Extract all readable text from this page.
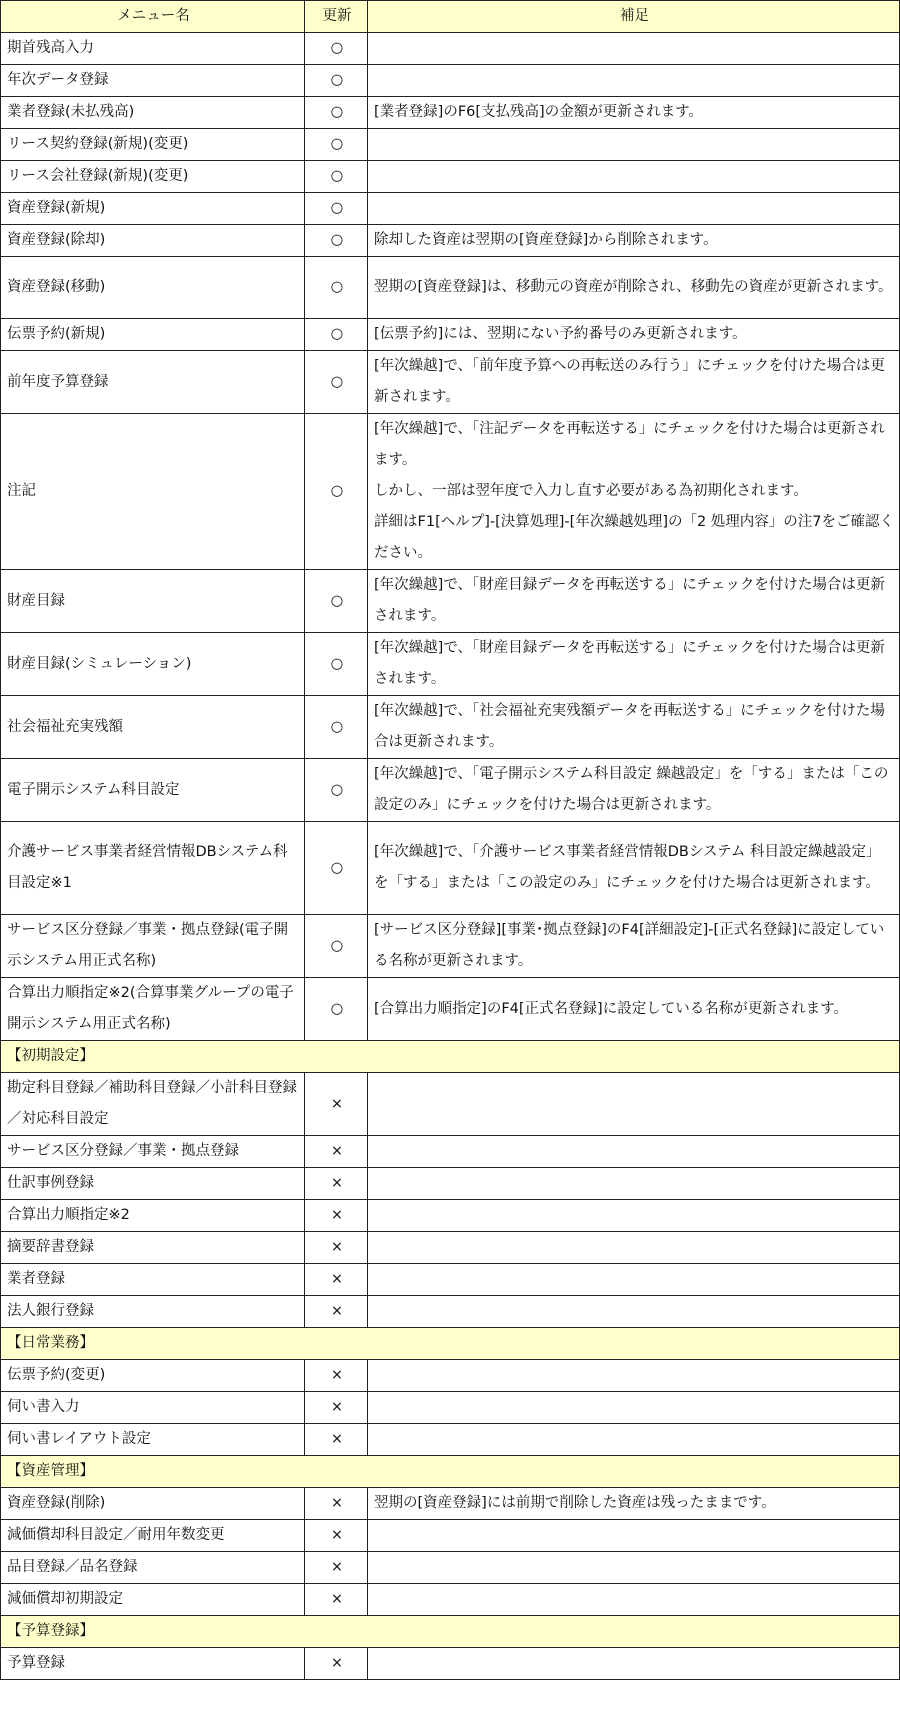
メニュー名	更新	補足
期首残高入力	○	
年次データ登録	○	
業者登録(未払残高)	○	[業者登録]のF6[支払残高]の金額が更新されます。
リース契約登録(新規)(変更)	○	
リース会社登録(新規)(変更)	○	
資産登録(新規)	○	
資産登録(除却)	○	除却した資産は翌期の[資産登録]から削除されます。
資産登録(移動)	○	翌期の[資産登録]は、移動元の資産が削除され、移動先の資産が更新されます。
伝票予約(新規)	○	[伝票予約]には、翌期にない予約番号のみ更新されます。
前年度予算登録	○	[年次繰越]で、「前年度予算への再転送のみ行う」にチェックを付けた場合は更新されます。
注記	○	[年次繰越]で、「注記データを再転送する」にチェックを付けた場合は更新されます。
しかし、一部は翌年度で入力し直す必要がある為初期化されます。
詳細はF1[ヘルプ]-[決算処理]-[年次繰越処理]の「2 処理内容」の注7をご確認ください。

財産目録	○	[年次繰越]で、「財産目録データを再転送する」にチェックを付けた場合は更新されます。
財産目録(シミュレーション)	○	[年次繰越]で、「財産目録データを再転送する」にチェックを付けた場合は更新されます。
社会福祉充実残額	○	[年次繰越]で、「社会福祉充実残額データを再転送する」にチェックを付けた場合は更新されます。
電子開示システム科目設定	○	[年次繰越]で、「電子開示システム科目設定 繰越設定」を「する」または「この設定のみ」にチェックを付けた場合は更新されます。
介護サービス事業者経営情報DBシステム科目設定※1	○	[年次繰越]で、「介護サービス事業者経営情報DBシステム 科目設定繰越設定」を「する」または「この設定のみ」にチェックを付けた場合は更新されます。
サービス区分登録／事業・拠点登録(電子開示システム用正式名称)	○	[サービス区分登録][事業･拠点登録]のF4[詳細設定]-[正式名登録]に設定している名称が更新されます。
合算出力順指定※2(合算事業グループの電子開示システム用正式名称)	○	[合算出力順指定]のF4[正式名登録]に設定している名称が更新されます。
【初期設定】		
勘定科目登録／補助科目登録／小計科目登録／対応科目設定	×	
サービス区分登録／事業・拠点登録	×	
仕訳事例登録	×	
合算出力順指定※2	×	
摘要辞書登録	×	
業者登録	×	
法人銀行登録	×	
【日常業務】		
伝票予約(変更)	×	
伺い書入力	×	
伺い書レイアウト設定	×	
【資産管理】		
資産登録(削除)	×	翌期の[資産登録]には前期で削除した資産は残ったままです。
減価償却科目設定／耐用年数変更	×	
品目登録／品名登録	×	
減価償却初期設定	×	
【予算登録】		
予算登録	×	
